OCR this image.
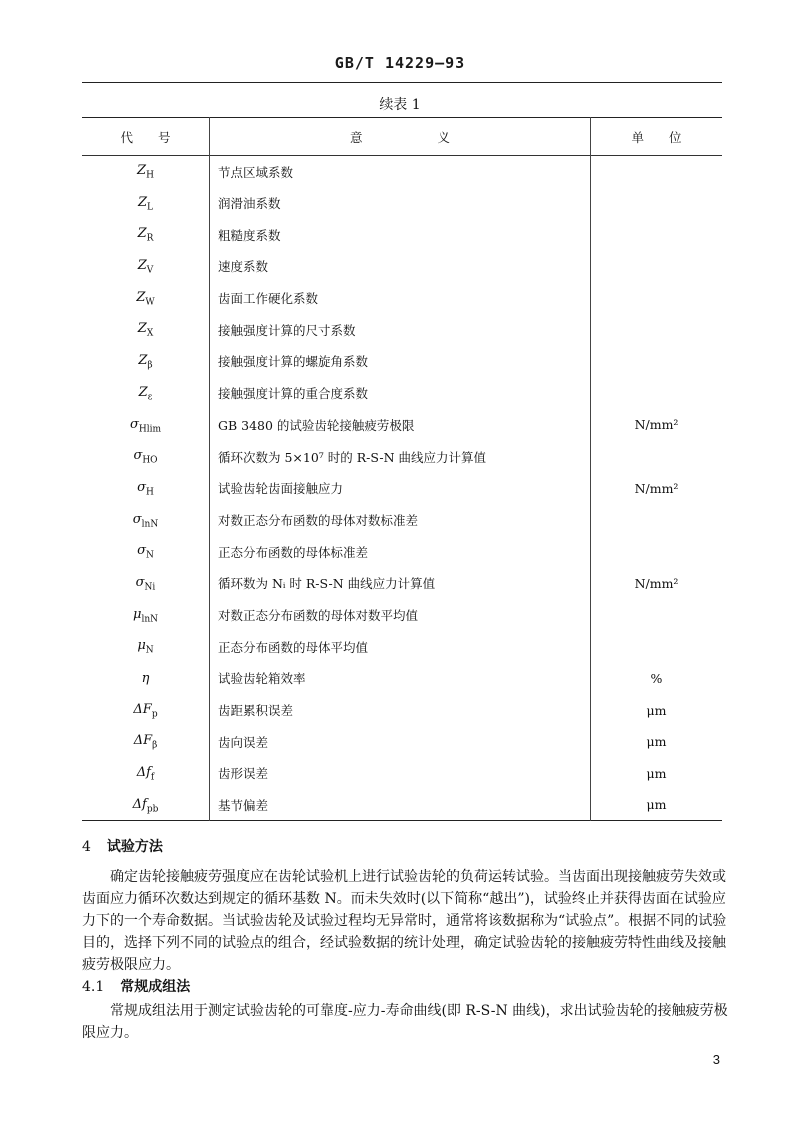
GB/T 14229—93
续表 1
代　　号	意　　　　　　义	单　　位
$Z_H$	节点区域系数	
$Z_L$	润滑油系数	
$Z_R$	粗糙度系数	
$Z_V$	速度系数	
$Z_W$	齿面工作硬化系数	
$Z_X$	接触强度计算的尺寸系数	
$Z_\beta$	接触强度计算的螺旋角系数	
$Z_\varepsilon$	接触强度计算的重合度系数	
$\sigma_{Hlim}$	GB 3480 的试验齿轮接触疲劳极限	N/mm²
$\sigma_{HO}$	循环次数为 5×10⁷ 时的 R-S-N 曲线应力计算值	
$\sigma_H$	试验齿轮齿面接触应力	N/mm²
$\sigma_{lnN}$	对数正态分布函数的母体对数标准差	
$\sigma_N$	正态分布函数的母体标准差	
$\sigma_{Ni}$	循环数为 Nᵢ 时 R-S-N 曲线应力计算值	N/mm²
$\mu_{lnN}$	对数正态分布函数的母体对数平均值	
$\mu_N$	正态分布函数的母体平均值	
η	试验齿轮箱效率	%
$\Delta F_p$	齿距累积误差	μm
$\Delta F_\beta$	齿向误差	μm
$\Delta f_f$	齿形误差	μm
$\Delta f_{pb}$	基节偏差	μm
4 试验方法
确定齿轮接触疲劳强度应在齿轮试验机上进行试验齿轮的负荷运转试验。当齿面出现接触疲劳失效或齿面应力循环次数达到规定的循环基数 N。而未失效时(以下简称“越出”)，试验终止并获得齿面在试验应力下的一个寿命数据。当试验齿轮及试验过程均无异常时，通常将该数据称为“试验点”。根据不同的试验目的，选择下列不同的试验点的组合，经试验数据的统计处理，确定试验齿轮的接触疲劳特性曲线及接触疲劳极限应力。
4.1 常规成组法
常规成组法用于测定试验齿轮的可靠度-应力-寿命曲线(即 R-S-N 曲线)，求出试验齿轮的接触疲劳极限应力。
3
